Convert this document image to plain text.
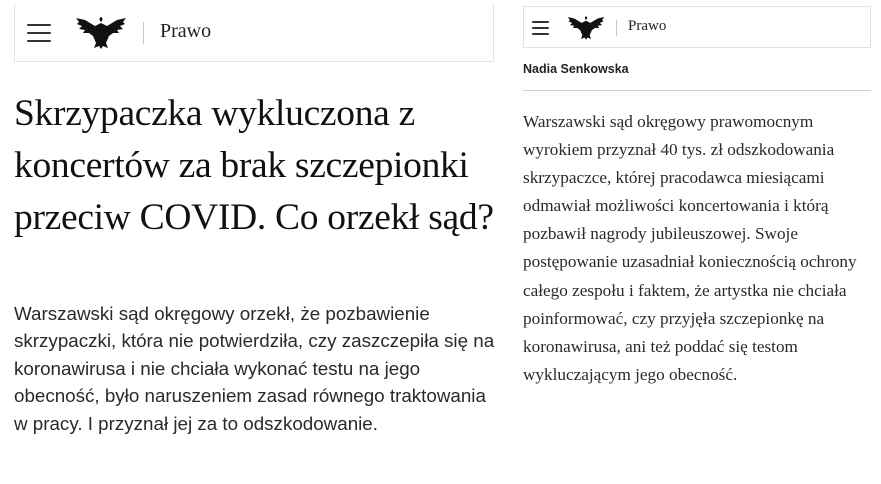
Prawo
Skrzypaczka wykluczona z koncertów za brak szczepionki przeciw COVID. Co orzekł sąd?

Warszawski sąd okręgowy orzekł, że pozbawienie skrzypaczki, która nie potwierdziła, czy zaszczepiła się na koronawirusa i nie chciała wykonać testu na jego obecność, było naruszeniem zasad równego traktowania w pracy. I przyznał jej za to odszkodowanie.

Prawo
Nadia Senkowska

Warszawski sąd okręgowy prawomocnym wyrokiem przyznał 40 tys. zł odszkodowania skrzypaczce, której pracodawca miesiącami odmawiał możliwości koncertowania i którą pozbawił nagrody jubileuszowej. Swoje postępowanie uzasadniał koniecznością ochrony całego zespołu i faktem, że artystka nie chciała poinformować, czy przyjęła szczepionkę na koronawirusa, ani też poddać się testom wykluczającym jego obecność.
